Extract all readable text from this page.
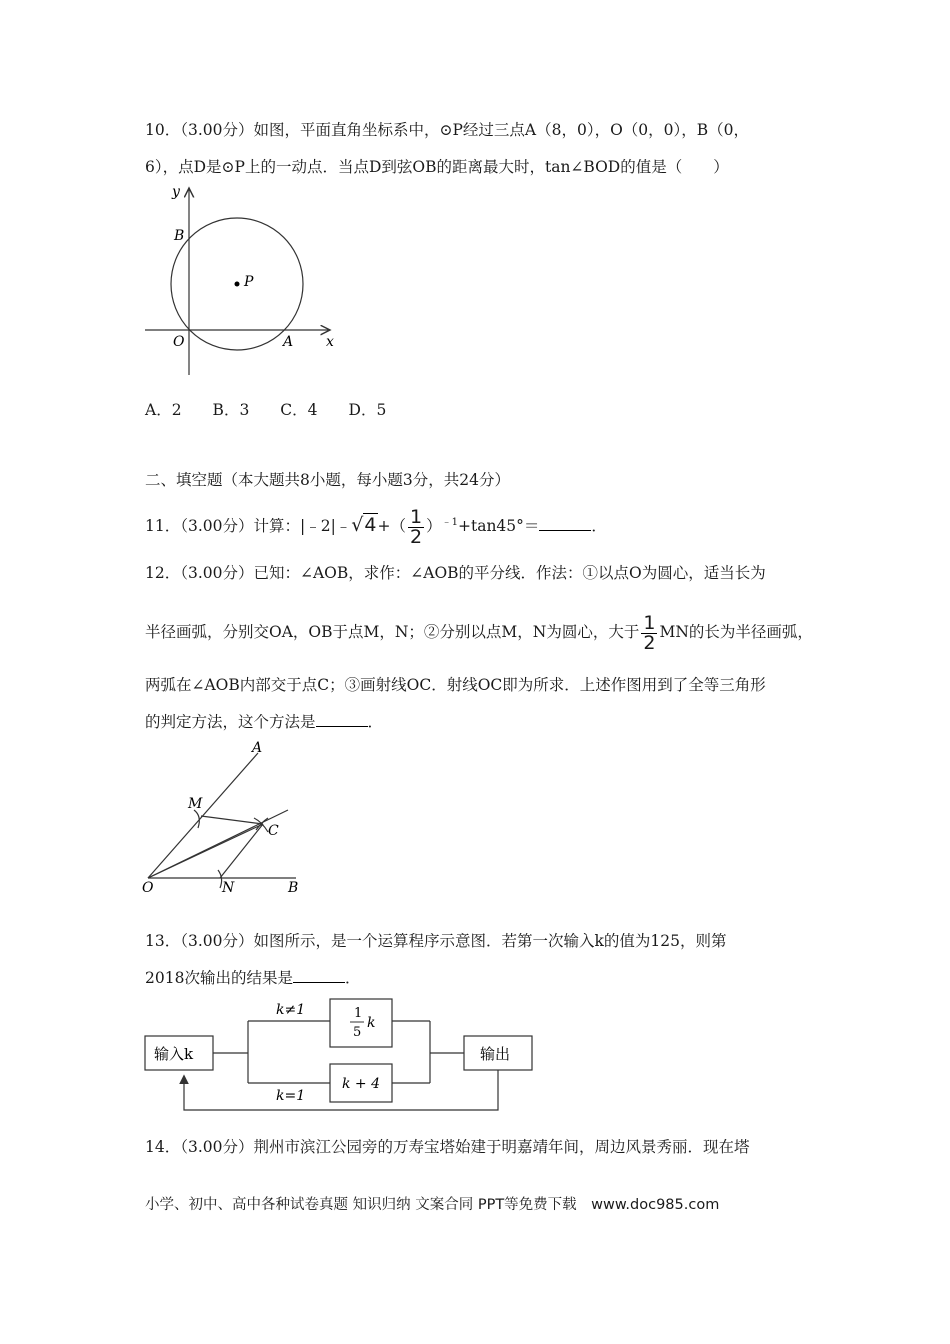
10．（3.00分）如图，平面直角坐标系中，⊙P经过三点A（8，0），O（0，0），B（0，
6），点D是⊙P上的一动点．当点D到弦OB的距离最大时，tan∠BOD的值是（　　）
y
B
P
O	A x
A．2　　B．3　　C．4　　D．5
二、填空题（本大题共8小题，每小题3分，共24分）
11．（3.00分）计算：|﹣2|﹣√4+（ $\frac{1}{2} )^{﹣1}+\tan 45^\circ=$	．
12．（3.00分）已知：∠AOB，求作：∠AOB的平分线．作法：①以点O为圆心，适当长为
半径画弧，分别交OA，OB于点M，N；②分别以点M，N为圆心，大于 $\frac{1}{2}$ MN的长为半径画弧，
两弧在∠AOB内部交于点C；③画射线OC．射线OC即为所求．上述作图用到了全等三角形
的判定方法，这个方法是	．
A
M
C
O	N	B
13．（3.00分）如图所示，是一个运算程序示意图．若第一次输入k的值为125，则第
2018次输出的结果是	．
输入k	输出
k≠1
k=1
1
5
k
k + 4
14．（3.00分）荆州市滨江公园旁的万寿宝塔始建于明嘉靖年间，周边风景秀丽．现在塔
小学、初中、高中各种试卷真题 知识归纳 文案合同 PPT等免费下载　www.doc985.com
